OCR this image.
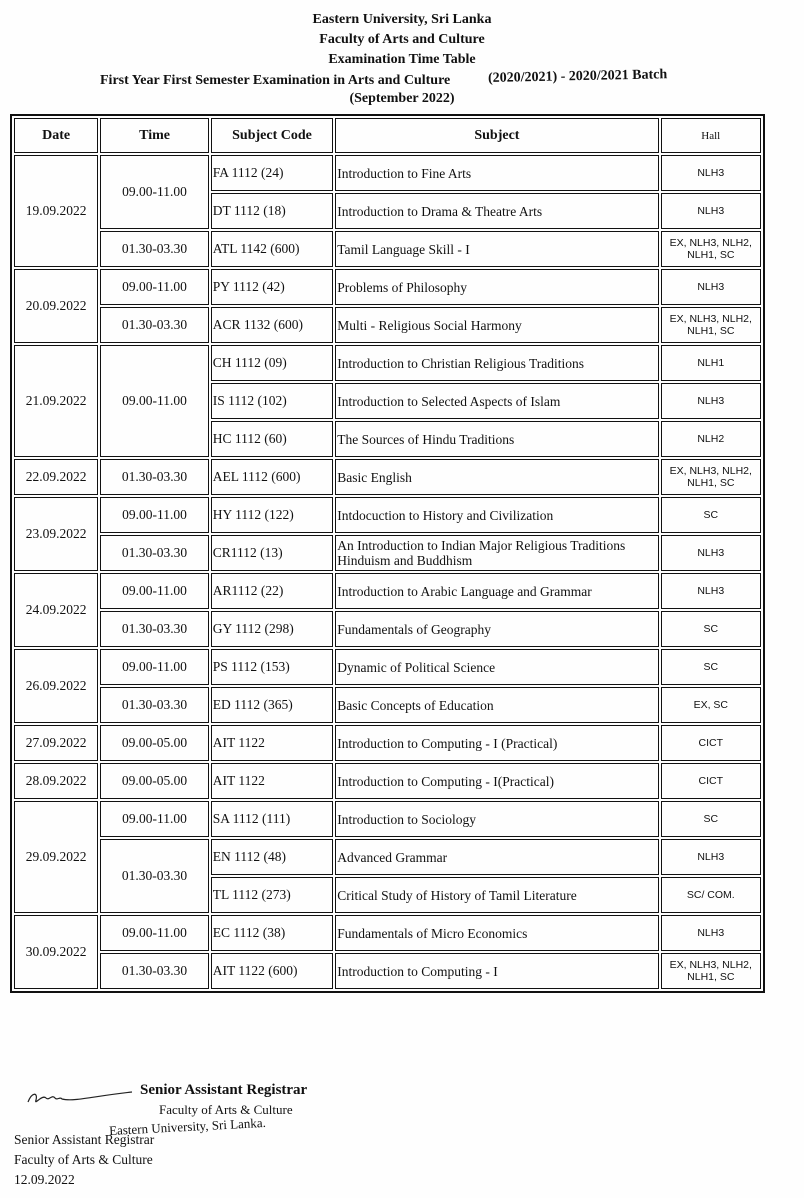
Eastern University, Sri Lanka
Faculty of Arts and Culture
Examination Time Table
First Year First Semester Examination in Arts and Culture	(2020/2021) - 2020/2021 Batch
(September 2022)
Date	Time	Subject Code	Subject	Hall
19.09.2022	09.00-11.00	FA 1112 (24)	Introduction to Fine Arts	NLH3
		DT 1112 (18)	Introduction to Drama & Theatre Arts	NLH3
	01.30-03.30	ATL 1142 (600)	Tamil Language Skill - I	EX, NLH3, NLH2, NLH1, SC
20.09.2022	09.00-11.00	PY 1112 (42)	Problems of Philosophy	NLH3
	01.30-03.30	ACR 1132 (600)	Multi - Religious Social Harmony	EX, NLH3, NLH2, NLH1, SC
21.09.2022	09.00-11.00	CH 1112 (09)	Introduction to Christian Religious Traditions	NLH1
		IS 1112 (102)	Introduction to Selected Aspects of Islam	NLH3
		HC 1112 (60)	The Sources of Hindu Traditions	NLH2
22.09.2022	01.30-03.30	AEL 1112 (600)	Basic English	EX, NLH3, NLH2, NLH1, SC
23.09.2022	09.00-11.00	HY 1112 (122)	Intdocuction to History and Civilization	SC
	01.30-03.30	CR1112 (13)	An Introduction to Indian Major Religious Traditions Hinduism and Buddhism	NLH3
24.09.2022	09.00-11.00	AR1112 (22)	Introduction to Arabic Language and Grammar	NLH3
	01.30-03.30	GY 1112 (298)	Fundamentals of Geography	SC
26.09.2022	09.00-11.00	PS 1112 (153)	Dynamic of Political Science	SC
	01.30-03.30	ED 1112 (365)	Basic Concepts of Education	EX, SC
27.09.2022	09.00-05.00	AIT 1122	Introduction to Computing - I (Practical)	CICT
28.09.2022	09.00-05.00	AIT 1122	Introduction to Computing - I(Practical)	CICT
29.09.2022	09.00-11.00	SA 1112 (111)	Introduction to Sociology	SC
	01.30-03.30	EN 1112 (48)	Advanced Grammar	NLH3
		TL 1112 (273)	Critical Study of History of Tamil Literature	SC/ COM.
30.09.2022	09.00-11.00	EC 1112 (38)	Fundamentals of Micro Economics	NLH3
	01.30-03.30	AIT 1122 (600)	Introduction to Computing - I	EX, NLH3, NLH2, NLH1, SC
Senior Assistant Registrar
Faculty of Arts & Culture
Eastern University, Sri Lanka.
Senior Assistant Registrar
Faculty of Arts & Culture
12.09.2022
